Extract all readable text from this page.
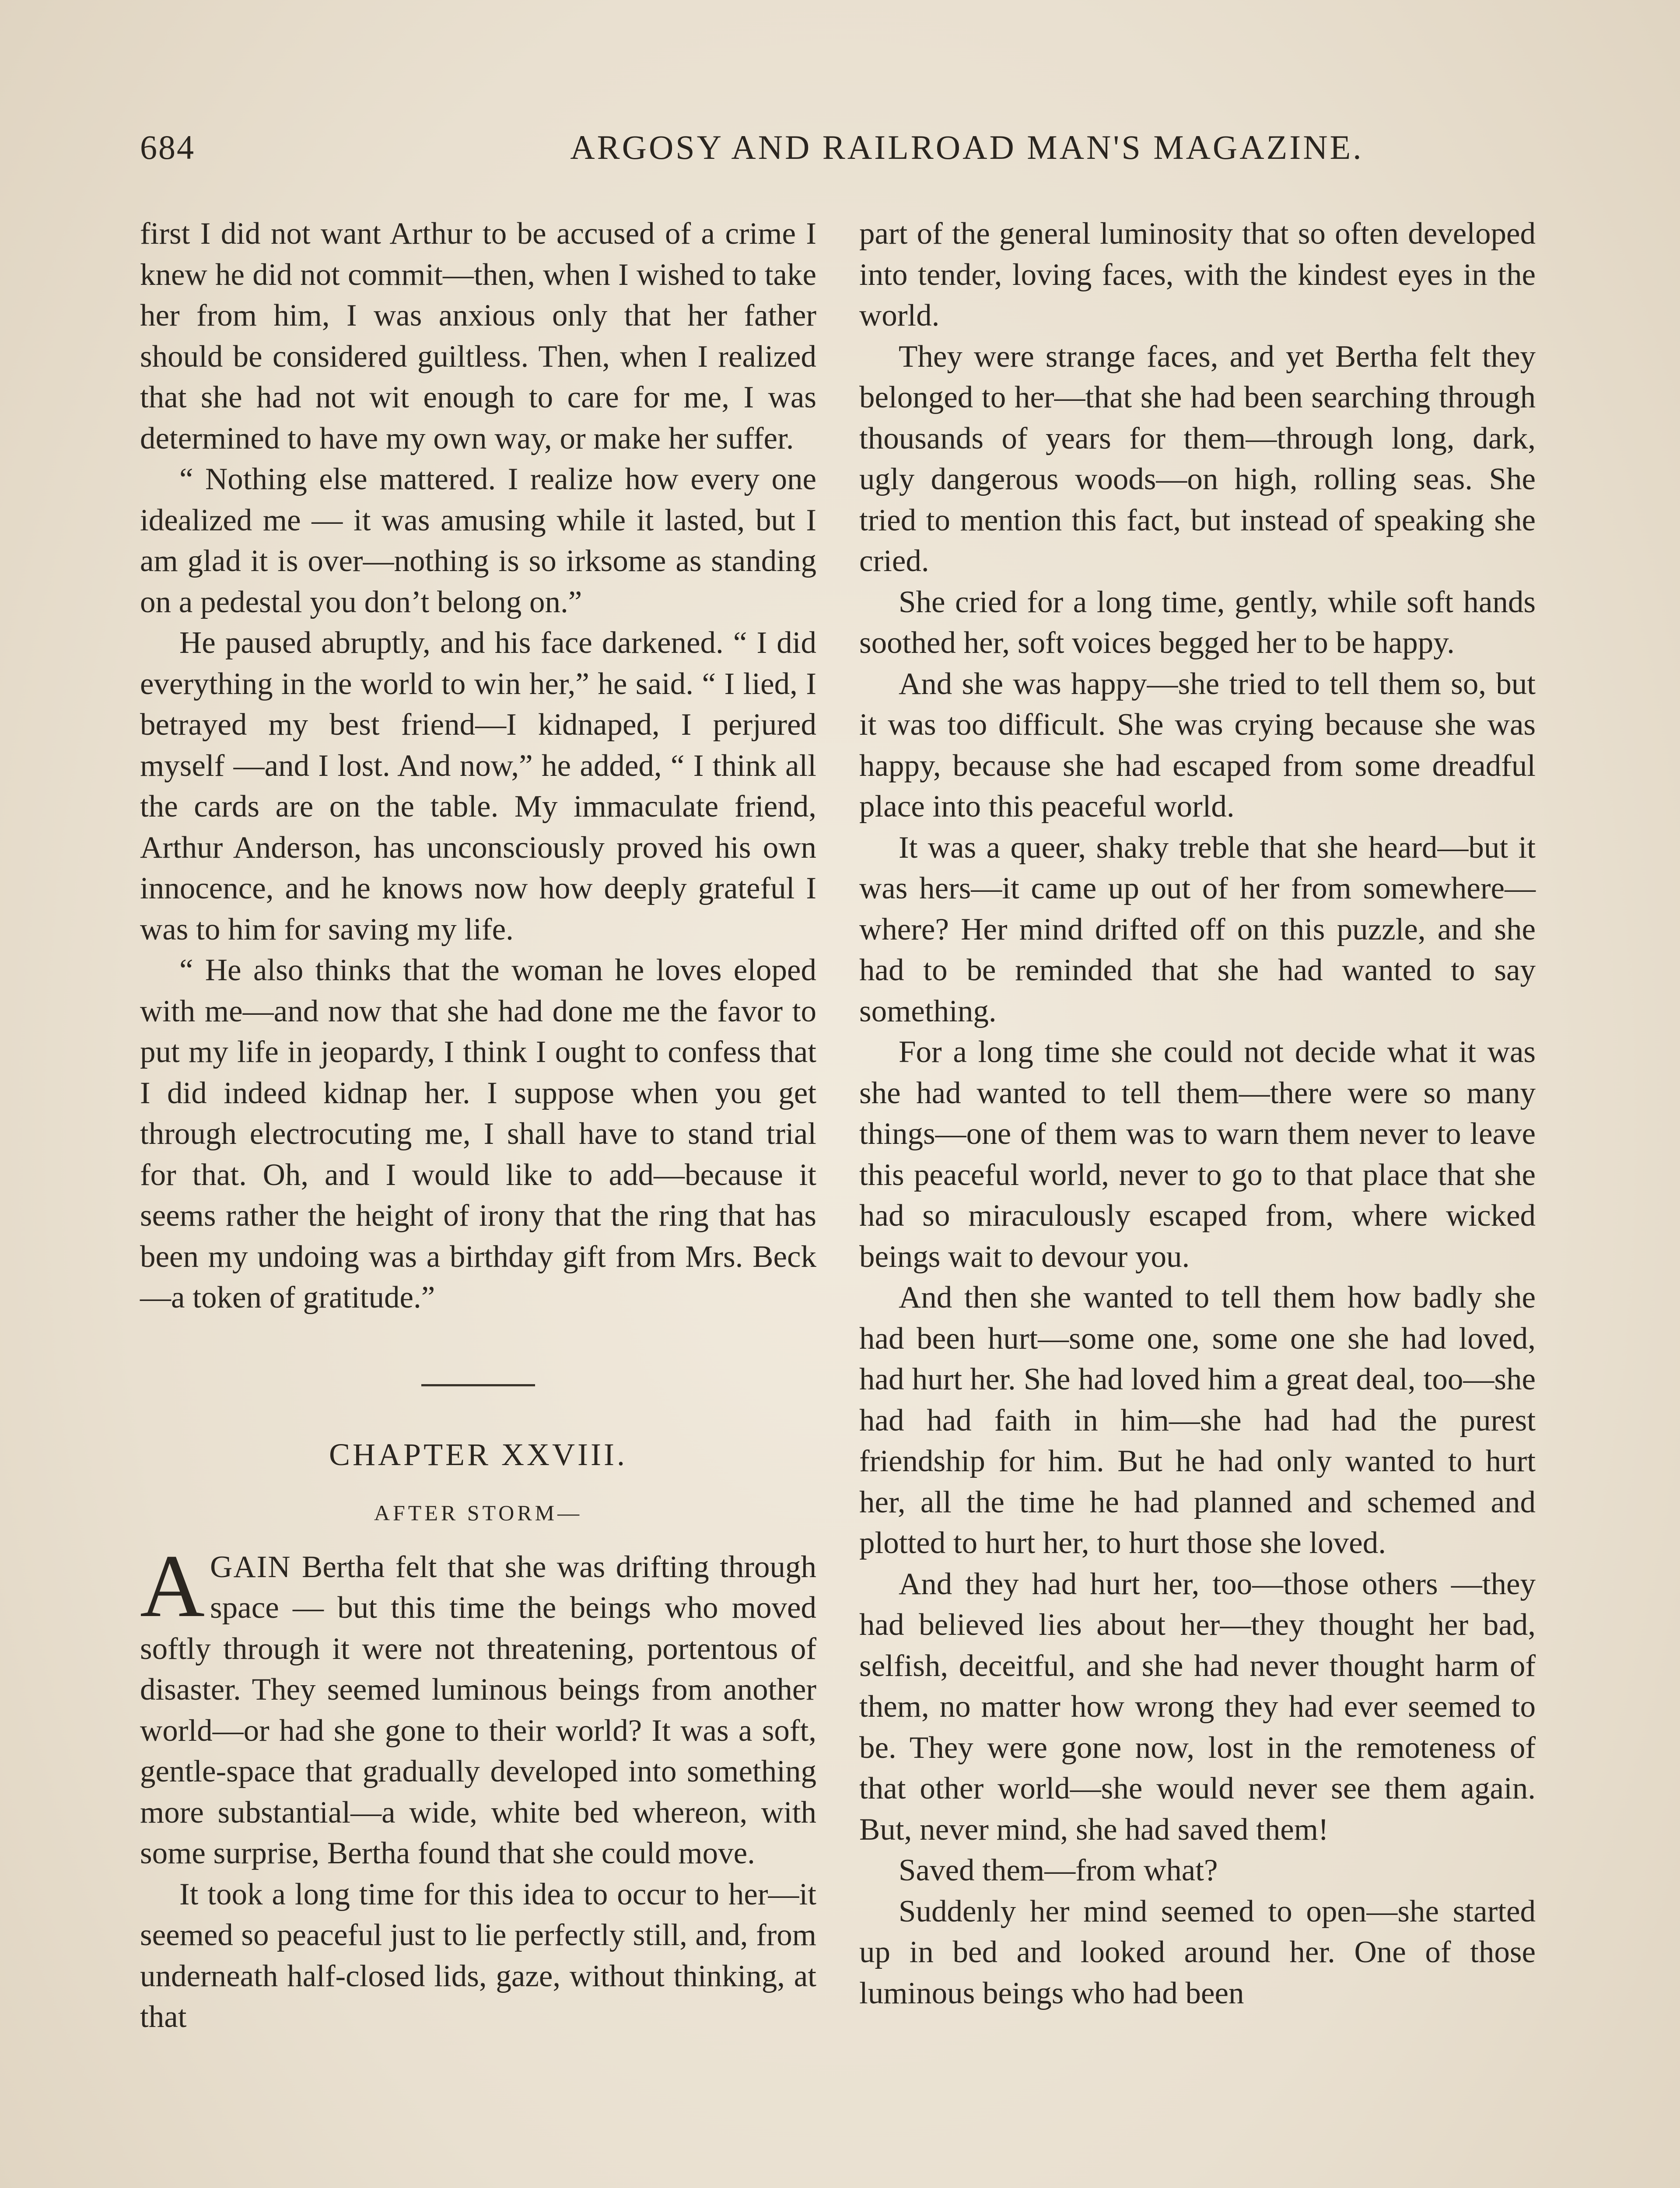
684	ARGOSY AND RAILROAD MAN'S MAGAZINE.

first I did not want Arthur to be accused of a crime I knew he did not commit—then, when I wished to take her from him, I was anxious only that her father should be considered guiltless. Then, when I realized that she had not wit enough to care for me, I was determined to have my own way, or make her suffer.

“ Nothing else mattered. I realize how every one idealized me — it was amusing while it lasted, but I am glad it is over—nothing is so irksome as standing on a pedestal you don’t belong on.”

He paused abruptly, and his face darkened. “ I did everything in the world to win her,” he said. “ I lied, I betrayed my best friend—I kidnaped, I perjured myself —and I lost. And now,” he added, “ I think all the cards are on the table. My immaculate friend, Arthur Anderson, has unconsciously proved his own innocence, and he knows now how deeply grateful I was to him for saving my life.

“ He also thinks that the woman he loves eloped with me—and now that she had done me the favor to put my life in jeopardy, I think I ought to confess that I did indeed kidnap her. I suppose when you get through electrocuting me, I shall have to stand trial for that. Oh, and I would like to add—because it seems rather the height of irony that the ring that has been my undoing was a birthday gift from Mrs. Beck—a token of gratitude.”

CHAPTER XXVIII.
AFTER STORM—

AGAIN Bertha felt that she was drifting through space — but this time the beings who moved softly through it were not threatening, portentous of disaster. They seemed luminous beings from another world—or had she gone to their world? It was a soft, gentle-space that gradually developed into something more substantial—a wide, white bed whereon, with some surprise, Bertha found that she could move.

It took a long time for this idea to occur to her—it seemed so peaceful just to lie perfectly still, and, from underneath half-closed lids, gaze, without thinking, at that

part of the general luminosity that so often developed into tender, loving faces, with the kindest eyes in the world.

They were strange faces, and yet Bertha felt they belonged to her—that she had been searching through thousands of years for them—through long, dark, ugly dangerous woods—on high, rolling seas. She tried to mention this fact, but instead of speaking she cried.

She cried for a long time, gently, while soft hands soothed her, soft voices begged her to be happy.

And she was happy—she tried to tell them so, but it was too difficult. She was crying because she was happy, because she had escaped from some dreadful place into this peaceful world.

It was a queer, shaky treble that she heard—but it was hers—it came up out of her from somewhere—where? Her mind drifted off on this puzzle, and she had to be reminded that she had wanted to say something.

For a long time she could not decide what it was she had wanted to tell them—there were so many things—one of them was to warn them never to leave this peaceful world, never to go to that place that she had so miraculously escaped from, where wicked beings wait to devour you.

And then she wanted to tell them how badly she had been hurt—some one, some one she had loved, had hurt her. She had loved him a great deal, too—she had had faith in him—she had had the purest friendship for him. But he had only wanted to hurt her, all the time he had planned and schemed and plotted to hurt her, to hurt those she loved.

And they had hurt her, too—those others —they had believed lies about her—they thought her bad, selfish, deceitful, and she had never thought harm of them, no matter how wrong they had ever seemed to be. They were gone now, lost in the remoteness of that other world—she would never see them again. But, never mind, she had saved them!

Saved them—from what?

Suddenly her mind seemed to open—she started up in bed and looked around her. One of those luminous beings who had been
